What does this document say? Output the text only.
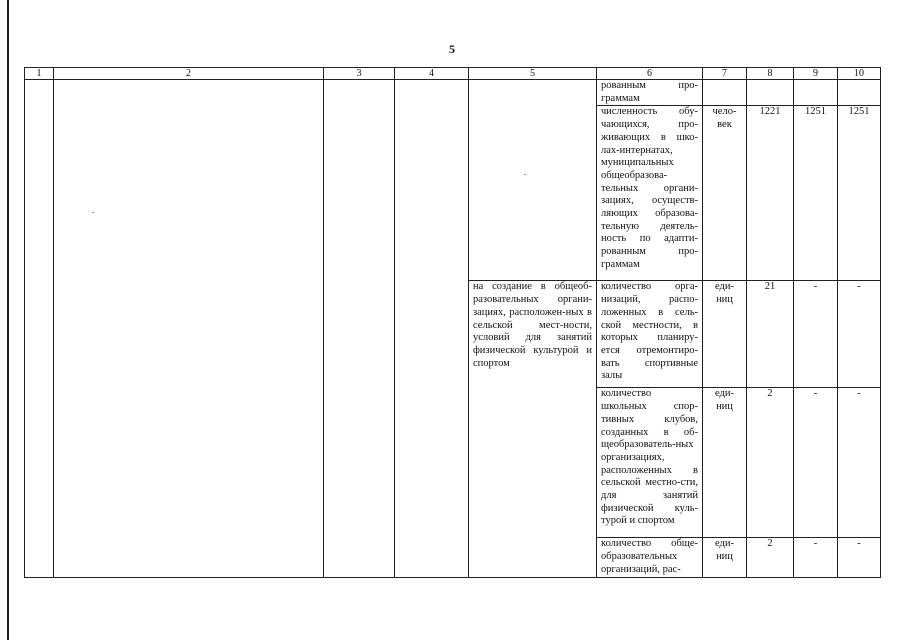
5
1	2	3	4	5	6	7	8	9	10
					рованным про-граммам				
					численность обу-чающихся, про-живающих в шко-лах-интернатах, муниципальных общеобразова-тельных органи-зациях, осуществ-ляющих образова-тельную деятель-ность по адапти-рованным про-граммам	чело-век	1221	1251	1251
				на создание в общеоб-разовательных органи-зациях, расположен-ных в сельской мест-ности, условий для занятий физической культурой и спортом	количество орга-низаций, распо-ложенных в сель-ской местности, в которых планиру-ется отремонтиро-вать спортивные залы	еди-ниц	21	-	-
					количество школьных спор-тивных клубов, созданных в об-щеобразователь-ных организациях, расположенных в сельской местно-сти, для занятий физической куль-турой и спортом	еди-ниц	2	-	-
					количество обще-образовательных организаций, рас-	еди-ниц	2	-	-
